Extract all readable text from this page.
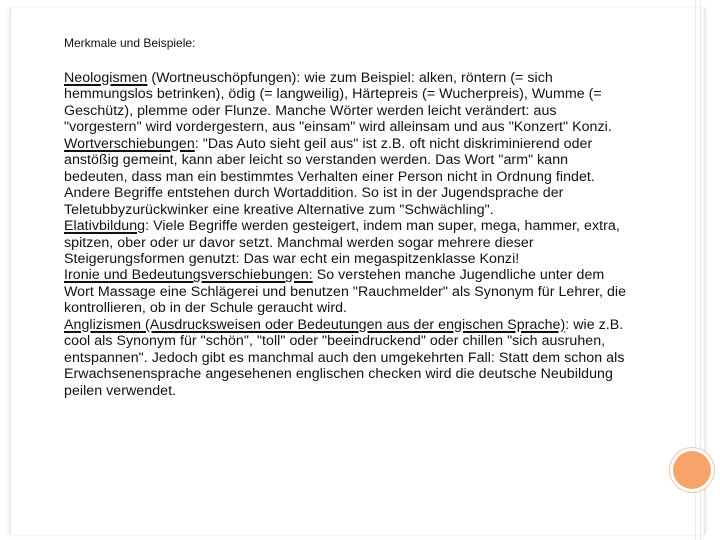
Merkmale und Beispiele:

Neologismen (Wortneuschöpfungen): wie zum Beispiel: alken, röntern (= sich hemmungslos betrinken), ödig (= langweilig), Härtepreis (= Wucherpreis), Wumme (= Geschütz), plemme oder Flunze. Manche Wörter werden leicht verändert: aus "vorgestern" wird vordergestern, aus "einsam" wird alleinsam und aus "Konzert" Konzi.

Wortverschiebungen: "Das Auto sieht geil aus" ist z.B. oft nicht diskriminierend oder anstößig gemeint, kann aber leicht so verstanden werden. Das Wort "arm" kann bedeuten, dass man ein bestimmtes Verhalten einer Person nicht in Ordnung findet.

Andere Begriffe entstehen durch Wortaddition. So ist in der Jugendsprache der Teletubbyzurückwinker eine kreative Alternative zum "Schwächling".

Elativbildung: Viele Begriffe werden gesteigert, indem man super, mega, hammer, extra, spitzen, ober oder ur davor setzt. Manchmal werden sogar mehrere dieser Steigerungsformen genutzt: Das war echt ein megaspitzenklasse Konzi!

Ironie und Bedeutungsverschiebungen: So verstehen manche Jugendliche unter dem Wort Massage eine Schlägerei und benutzen "Rauchmelder" als Synonym für Lehrer, die kontrollieren, ob in der Schule geraucht wird.

Anglizismen (Ausdrucksweisen oder Bedeutungen aus der engischen Sprache): wie z.B. cool als Synonym für "schön", "toll" oder "beeindruckend" oder chillen "sich ausruhen, entspannen". Jedoch gibt es manchmal auch den umgekehrten Fall: Statt dem schon als Erwachsenensprache angesehenen englischen checken wird die deutsche Neubildung peilen verwendet.
